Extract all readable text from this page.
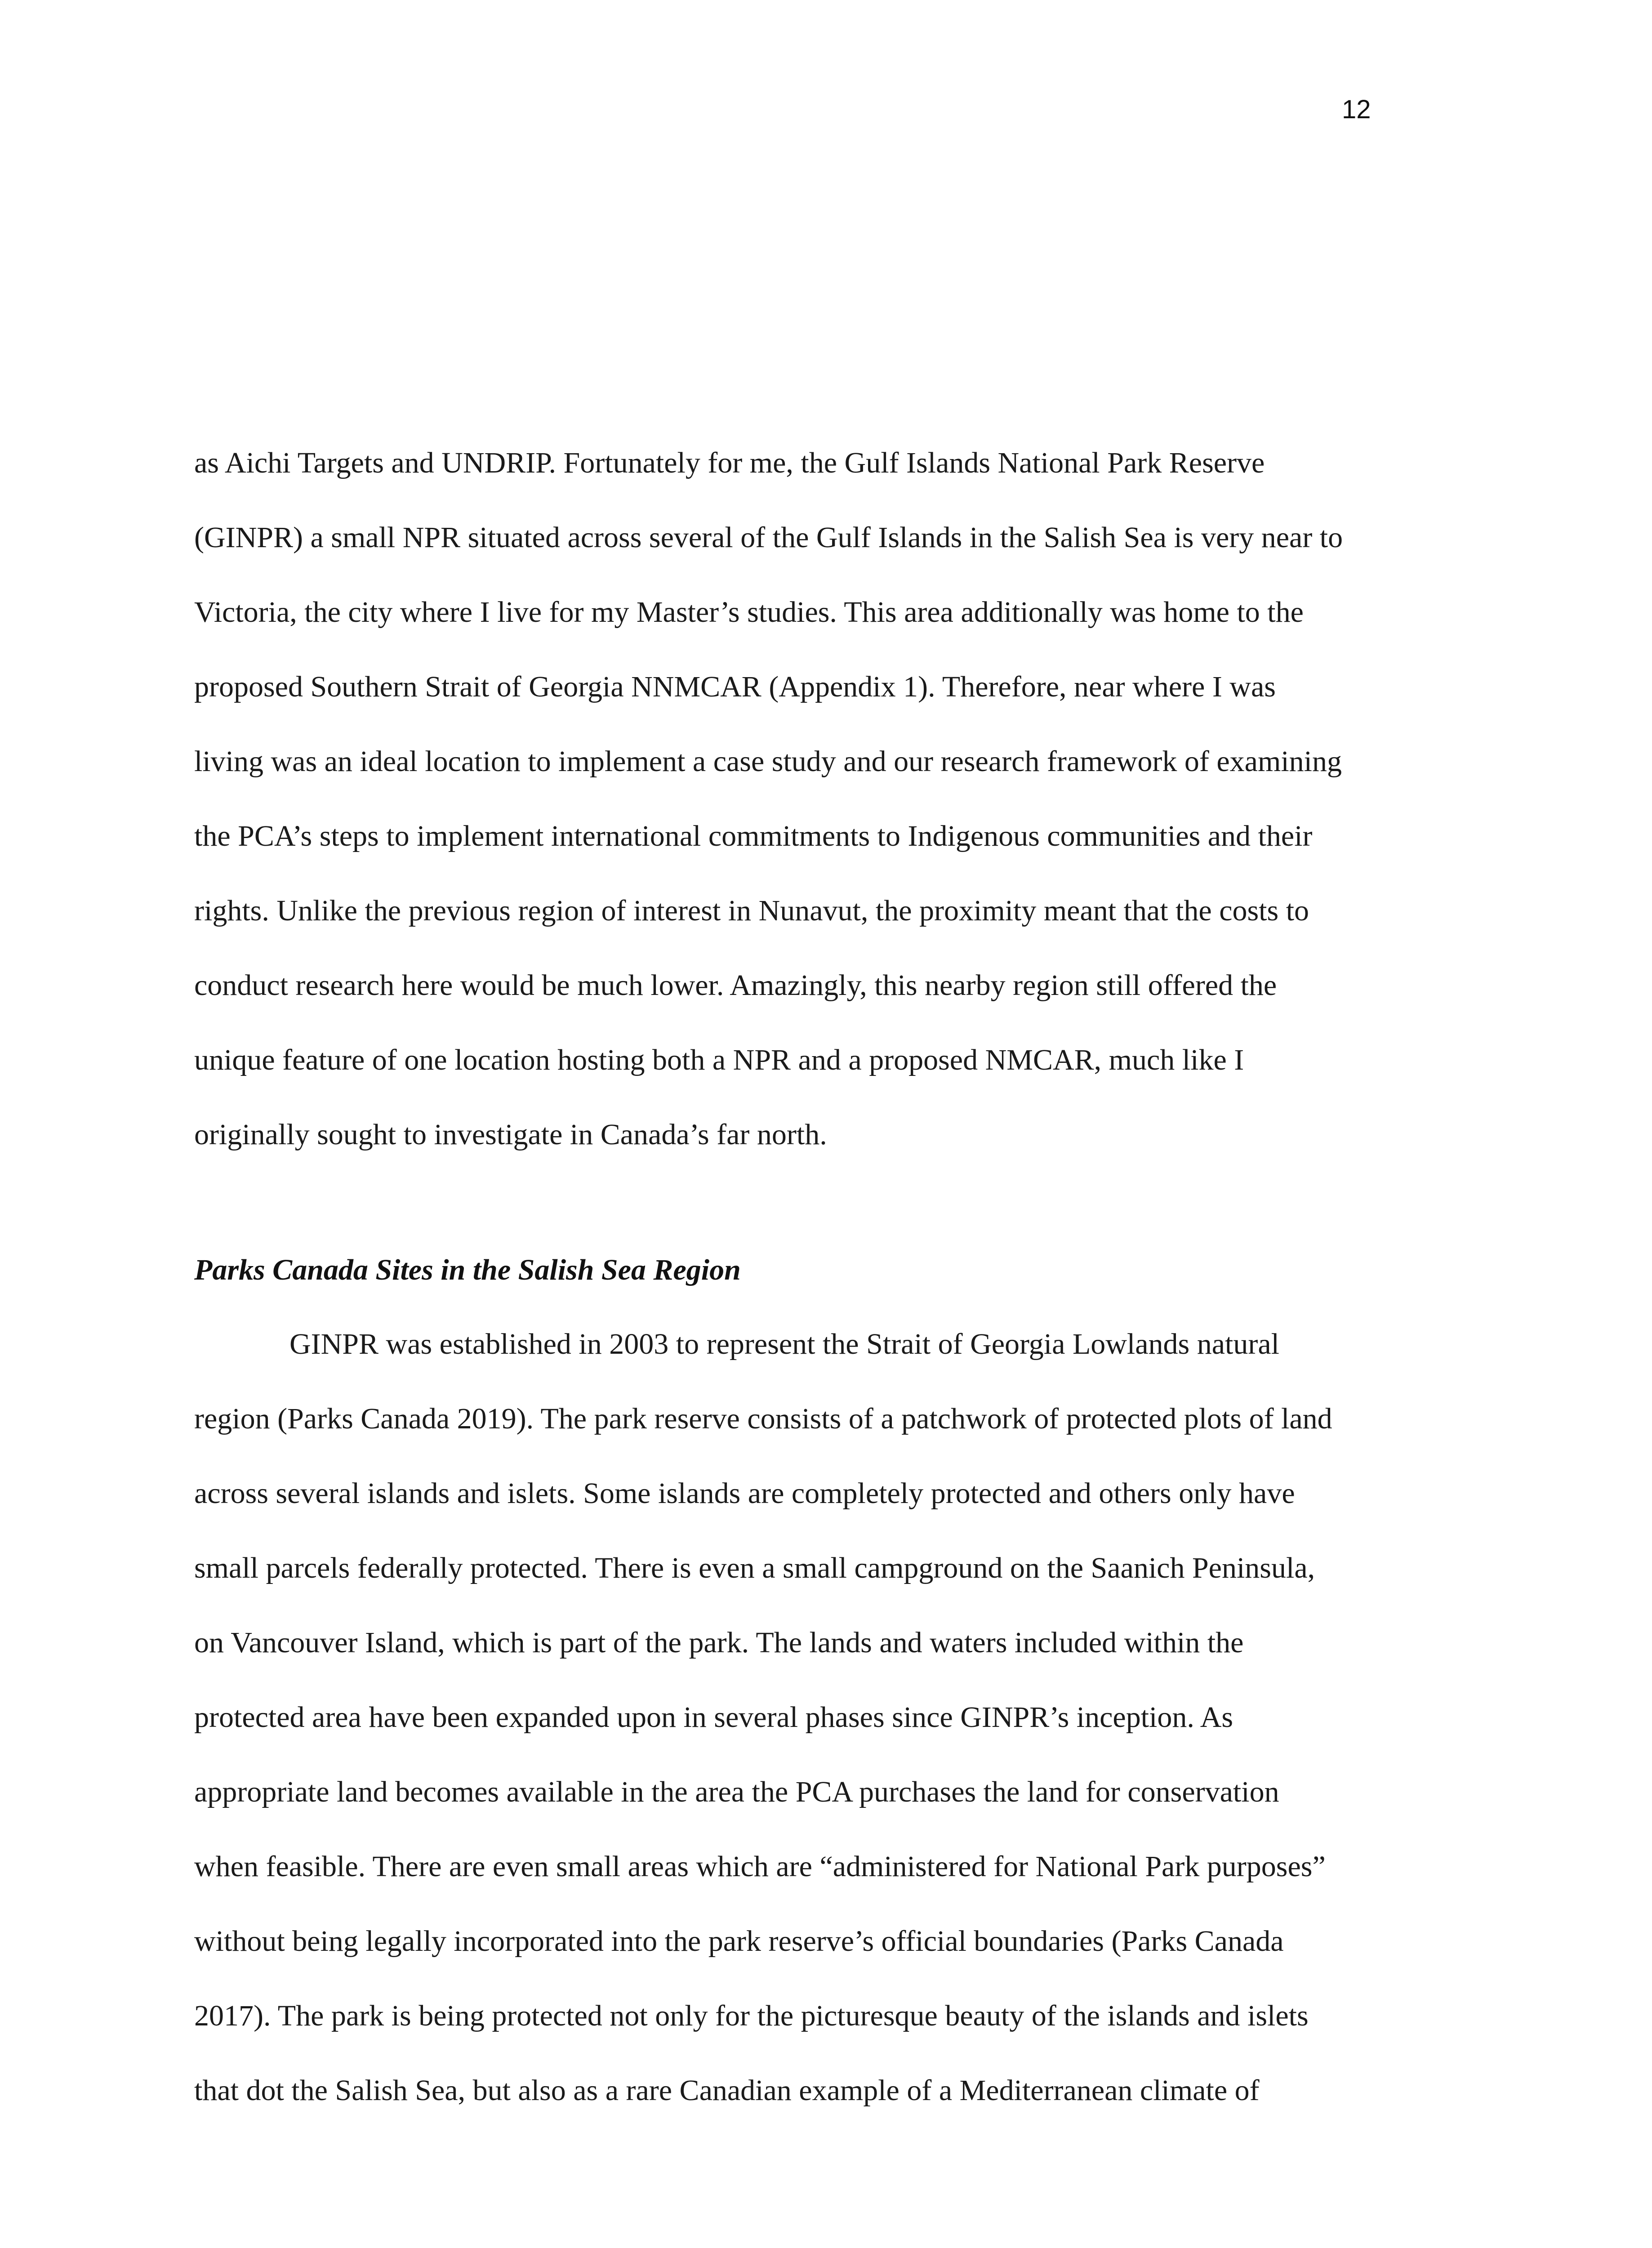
12
as Aichi Targets and UNDRIP. Fortunately for me, the Gulf Islands National Park Reserve
(GINPR) a small NPR situated across several of the Gulf Islands in the Salish Sea is very near to
Victoria, the city where I live for my Master’s studies. This area additionally was home to the
proposed Southern Strait of Georgia NNMCAR (Appendix 1). Therefore, near where I was
living was an ideal location to implement a case study and our research framework of examining
the PCA’s steps to implement international commitments to Indigenous communities and their
rights. Unlike the previous region of interest in Nunavut, the proximity meant that the costs to
conduct research here would be much lower. Amazingly, this nearby region still offered the
unique feature of one location hosting both a NPR and a proposed NMCAR, much like I
originally sought to investigate in Canada’s far north.
Parks Canada Sites in the Salish Sea Region
GINPR was established in 2003 to represent the Strait of Georgia Lowlands natural
region (Parks Canada 2019). The park reserve consists of a patchwork of protected plots of land
across several islands and islets. Some islands are completely protected and others only have
small parcels federally protected. There is even a small campground on the Saanich Peninsula,
on Vancouver Island, which is part of the park. The lands and waters included within the
protected area have been expanded upon in several phases since GINPR’s inception. As
appropriate land becomes available in the area the PCA purchases the land for conservation
when feasible. There are even small areas which are “administered for National Park purposes”
without being legally incorporated into the park reserve’s official boundaries (Parks Canada
2017). The park is being protected not only for the picturesque beauty of the islands and islets
that dot the Salish Sea, but also as a rare Canadian example of a Mediterranean climate of
